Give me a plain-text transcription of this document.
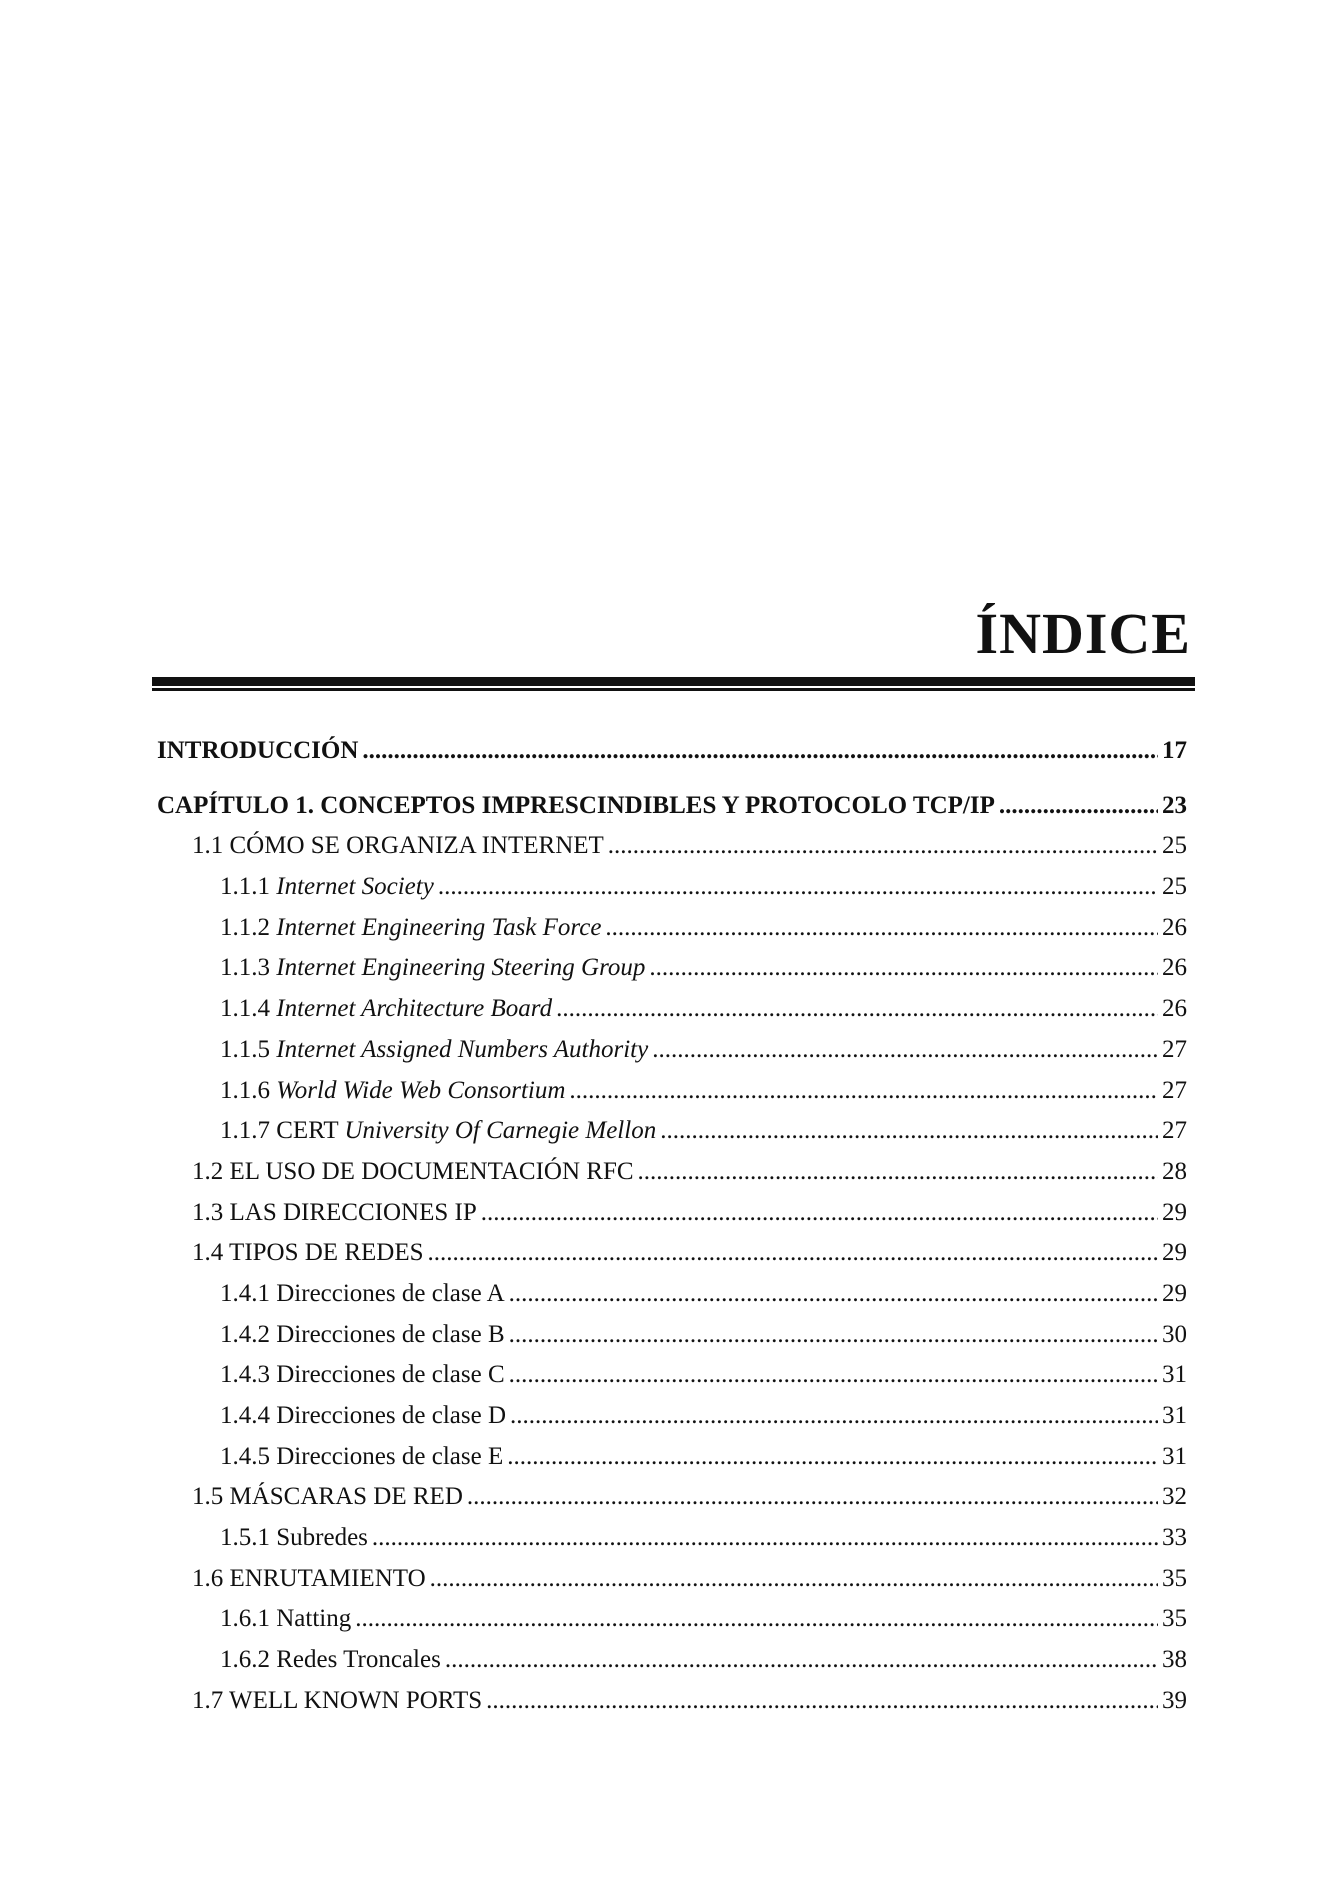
ÍNDICE
INTRODUCCIÓN .....	17
CAPÍTULO 1. CONCEPTOS IMPRESCINDIBLES Y PROTOCOLO TCP/IP .....	23
1.1 CÓMO SE ORGANIZA INTERNET .....	25
1.1.1 Internet Society .....	25
1.1.2 Internet Engineering Task Force .....	26
1.1.3 Internet Engineering Steering Group .....	26
1.1.4 Internet Architecture Board .....	26
1.1.5 Internet Assigned Numbers Authority .....	27
1.1.6 World Wide Web Consortium .....	27
1.1.7 CERT University Of Carnegie Mellon .....	27
1.2 EL USO DE DOCUMENTACIÓN RFC .....	28
1.3 LAS DIRECCIONES IP .....	29
1.4 TIPOS DE REDES .....	29
1.4.1 Direcciones de clase A .....	29
1.4.2 Direcciones de clase B .....	30
1.4.3 Direcciones de clase C .....	31
1.4.4 Direcciones de clase D .....	31
1.4.5 Direcciones de clase E .....	31
1.5 MÁSCARAS DE RED .....	32
1.5.1 Subredes .....	33
1.6 ENRUTAMIENTO .....	35
1.6.1 Natting .....	35
1.6.2 Redes Troncales .....	38
1.7 WELL KNOWN PORTS .....	39
